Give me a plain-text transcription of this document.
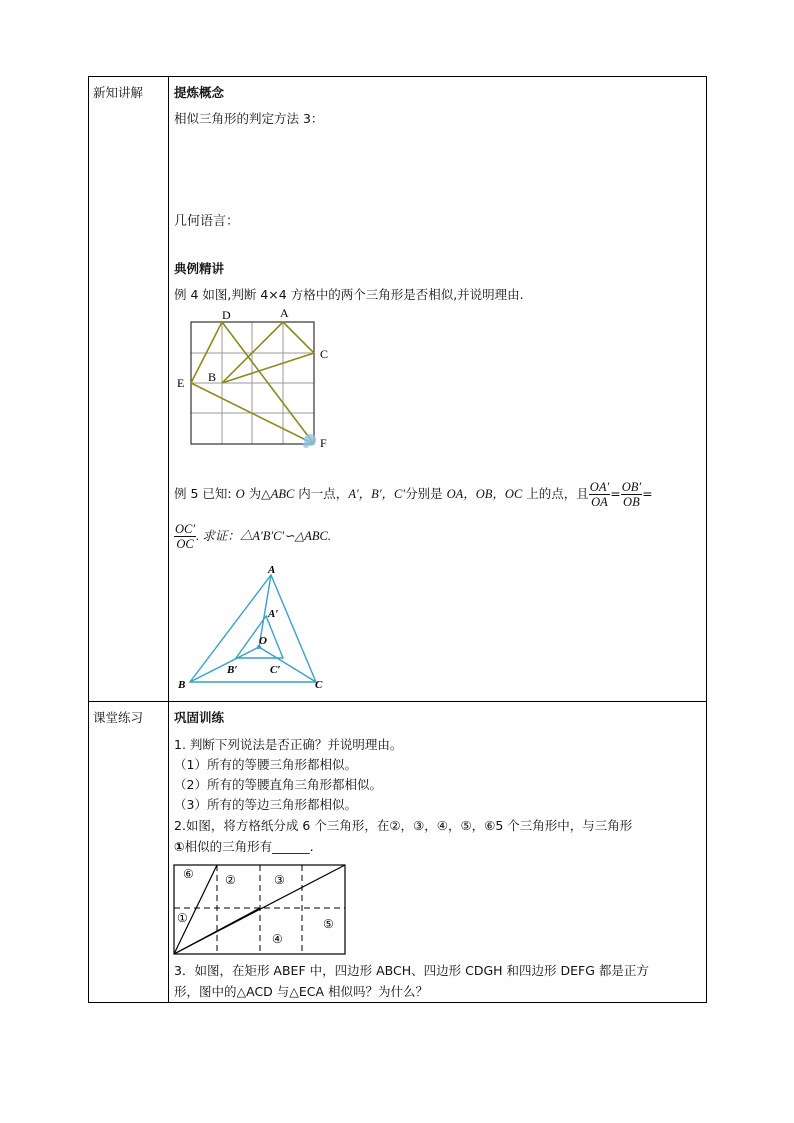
新知讲解 提炼概念
相似三角形的判定方法 3：
几何语言：
典例精讲
例 4 如图,判断 4×4 方格中的两个三角形是否相似,并说明理由.
D	A
C
B
E
F
例 5 已知: O 为△ABC 内一点，A′，B′，C′分别是 OA，OB，OC 上的点，且 $\frac{OA'}{OA} = \frac{OB'}{OB}$ =
$\frac{OC'}{OC}$ . 求证：△A′B′C′∽△ABC.
A
A′
O
B′	C′
B	C
课堂练习 巩固训练
1. 判断下列说法是否正确？并说明理由。
（1）所有的等腰三角形都相似。
（2）所有的等腰直角三角形都相似。
（3）所有的等边三角形都相似。
2.如图，将方格纸分成 6 个三角形，在②，③，④，⑤，⑥5 个三角形中，与三角形
①相似的三角形有______.
⑥	②	③
①	⑤
④
3．如图，在矩形 ABEF 中，四边形 ABCH、四边形 CDGH 和四边形 DEFG 都是正方
形，图中的△ACD 与△ECA 相似吗？为什么？
